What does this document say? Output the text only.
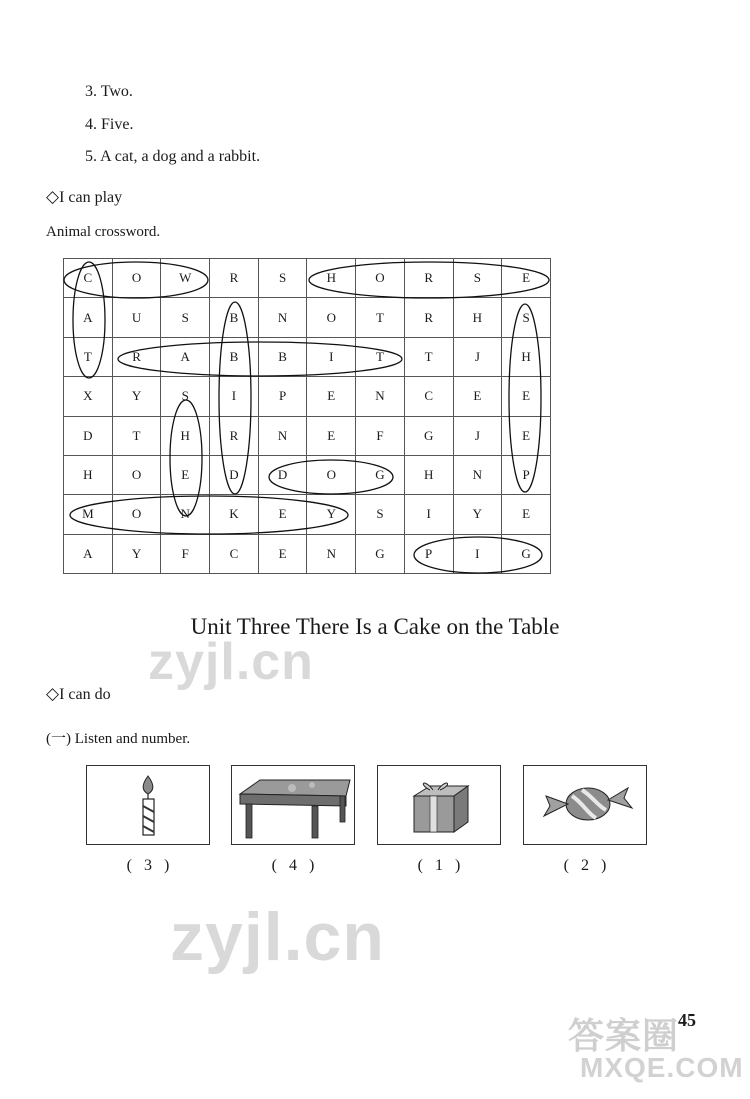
3. Two.
4. Five.
5. A cat, a dog and a rabbit.
◇I can play
Animal crossword.
C	O	W	R	S	H	O	R	S	E
A	U	S	B	N	O	T	R	H	S
T	R	A	B	B	I	T	T	J	H
X	Y	S	I	P	E	N	C	E	E
D	T	H	R	N	E	F	G	J	E
H	O	E	D	D	O	G	H	N	P
M	O	N	K	E	Y	S	I	Y	E
A	Y	F	C	E	N	G	P	I	G
Unit Three There Is a Cake on the Table
zyjl.cn
◇I can do
(一) Listen and number.
(   3   )	(   4   )	(   1   )	(   2   )
zyjl.cn
答案圈
MXQE.COM
45
